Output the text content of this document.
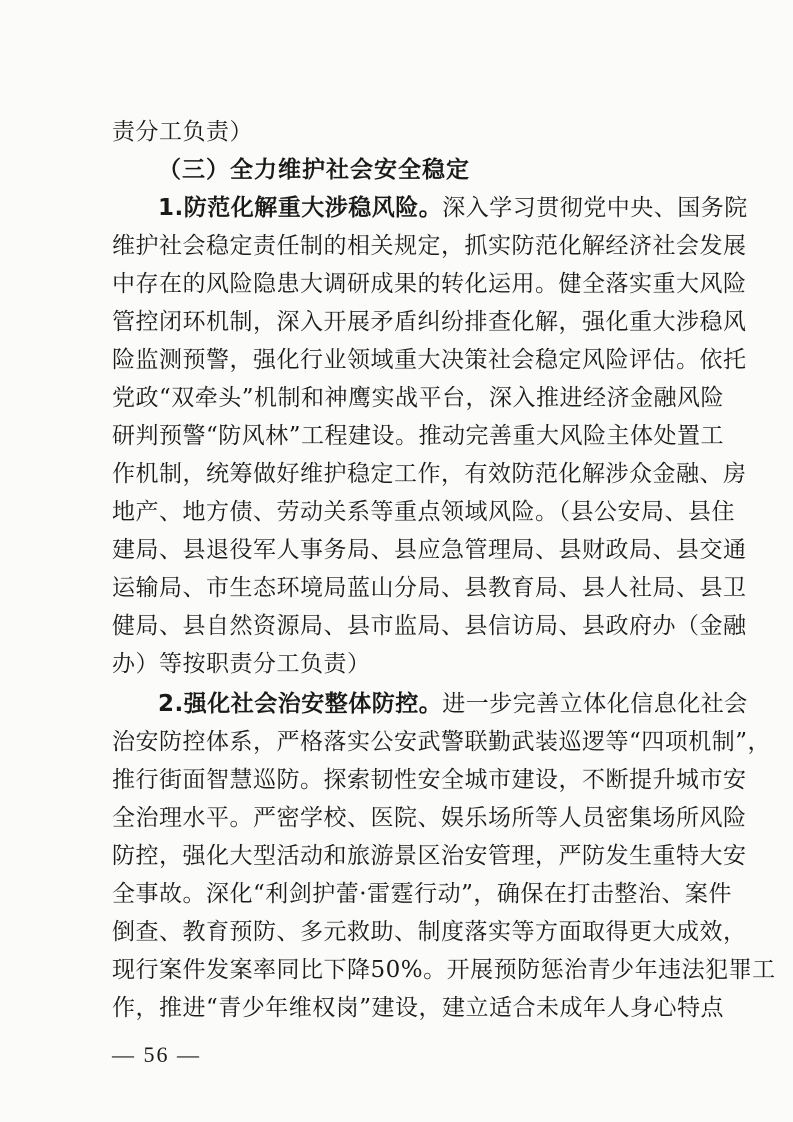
责分工负责）
（三）全力维护社会安全稳定
1.防范化解重大涉稳风险。深入学习贯彻党中央、国务院
维护社会稳定责任制的相关规定，抓实防范化解经济社会发展
中存在的风险隐患大调研成果的转化运用。健全落实重大风险
管控闭环机制，深入开展矛盾纠纷排查化解，强化重大涉稳风
险监测预警，强化行业领域重大决策社会稳定风险评估。依托
党政“双牵头”机制和神鹰实战平台，深入推进经济金融风险
研判预警“防风林”工程建设。推动完善重大风险主体处置工
作机制，统筹做好维护稳定工作，有效防范化解涉众金融、房
地产、地方债、劳动关系等重点领域风险。（县公安局、县住
建局、县退役军人事务局、县应急管理局、县财政局、县交通
运输局、市生态环境局蓝山分局、县教育局、县人社局、县卫
健局、县自然资源局、县市监局、县信访局、县政府办（金融
办）等按职责分工负责）
2.强化社会治安整体防控。进一步完善立体化信息化社会
治安防控体系，严格落实公安武警联勤武装巡逻等“四项机制”，
推行街面智慧巡防。探索韧性安全城市建设，不断提升城市安
全治理水平。严密学校、医院、娱乐场所等人员密集场所风险
防控，强化大型活动和旅游景区治安管理，严防发生重特大安
全事故。深化“利剑护蕾·雷霆行动”，确保在打击整治、案件
倒查、教育预防、多元救助、制度落实等方面取得更大成效，
现行案件发案率同比下降50%。开展预防惩治青少年违法犯罪工
作，推进“青少年维权岗”建设，建立适合未成年人身心特点
— 56 —
